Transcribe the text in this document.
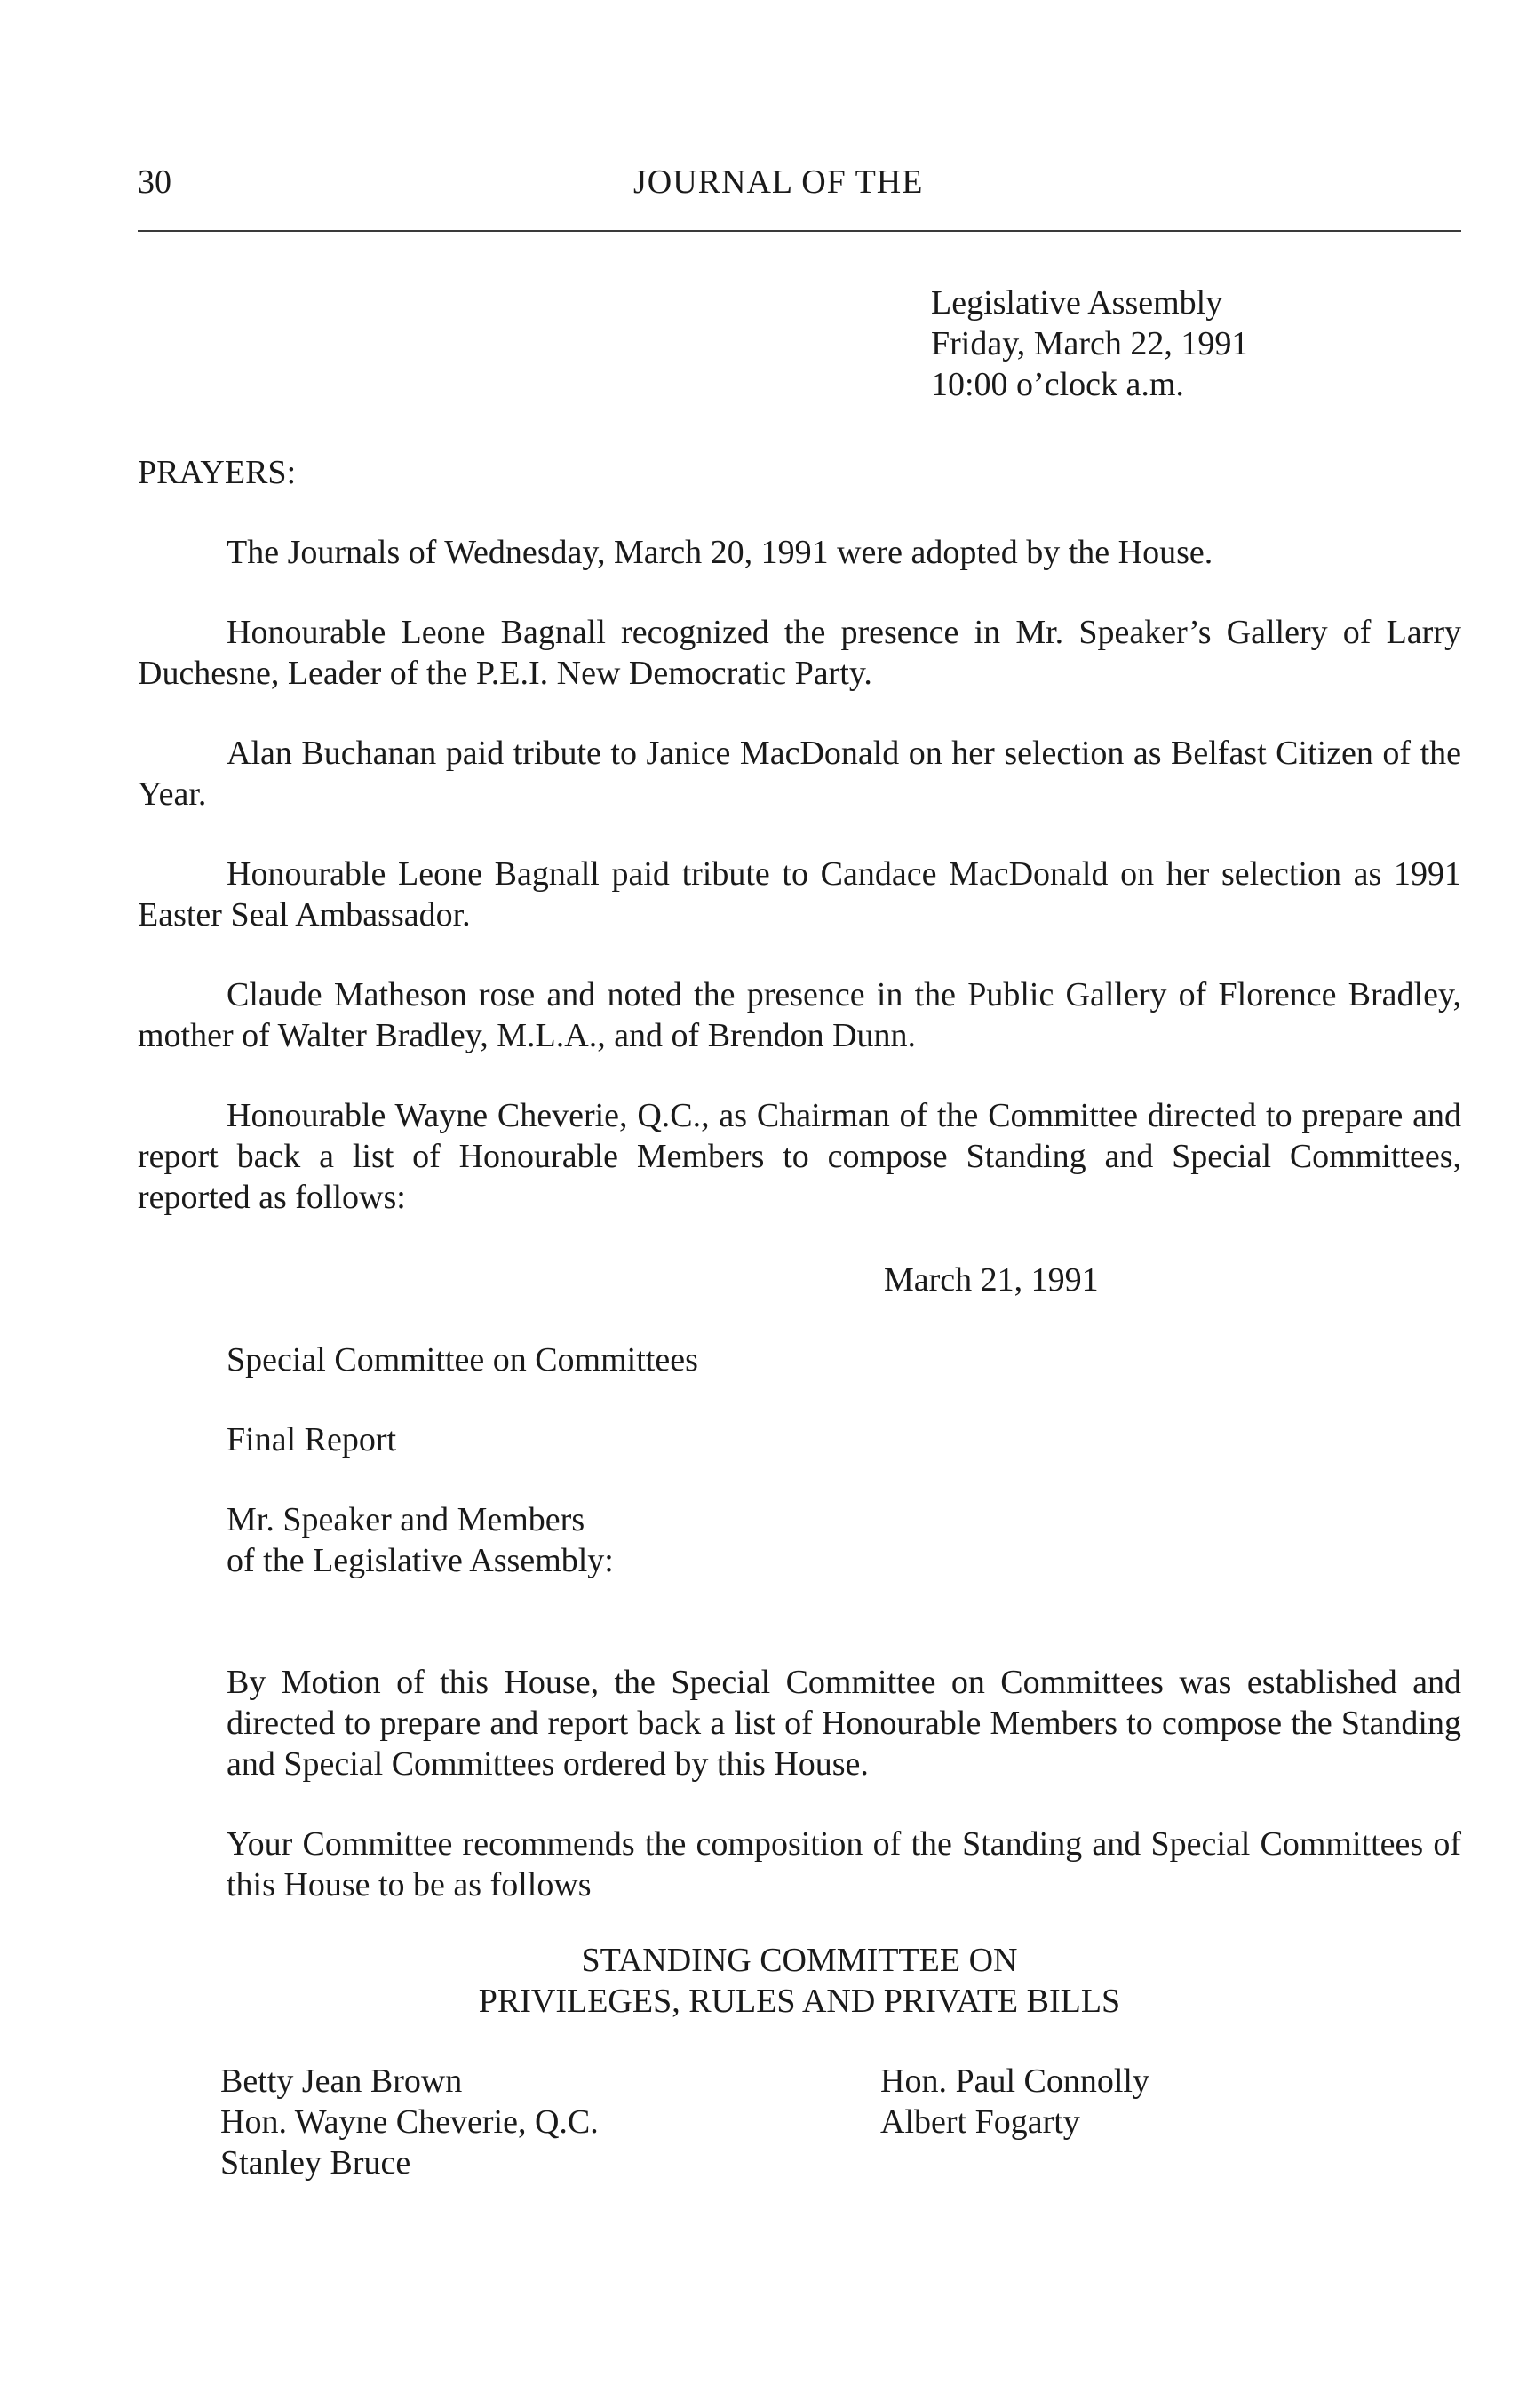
30	JOURNAL OF THE
Legislative Assembly
Friday, March 22, 1991
10:00 o’clock a.m.
PRAYERS:

The Journals of Wednesday, March 20, 1991 were adopted by the House.

Honourable Leone Bagnall recognized the presence in Mr. Speaker’s Gallery of Larry Duchesne, Leader of the P.E.I. New Democratic Party.

Alan Buchanan paid tribute to Janice MacDonald on her selection as Belfast Citizen of the Year.

Honourable Leone Bagnall paid tribute to Candace MacDonald on her selection as 1991 Easter Seal Ambassador.

Claude Matheson rose and noted the presence in the Public Gallery of Florence Bradley, mother of Walter Bradley, M.L.A., and of Brendon Dunn.

Honourable Wayne Cheverie, Q.C., as Chairman of the Committee directed to prepare and report back a list of Honourable Members to compose Standing and Special Committees, reported as follows:

March 21, 1991
Special Committee on Committees
Final Report
Mr. Speaker and Members
of the Legislative Assembly:

By Motion of this House, the Special Committee on Committees was established and directed to prepare and report back a list of Honourable Members to compose the Standing and Special Committees ordered by this House.

Your Committee recommends the composition of the Standing and Special Committees of this House to be as follows

STANDING COMMITTEE ON
PRIVILEGES, RULES AND PRIVATE BILLS
Betty Jean Brown
Hon. Wayne Cheverie, Q.C.
Stanley Bruce
Hon. Paul Connolly
Albert Fogarty
